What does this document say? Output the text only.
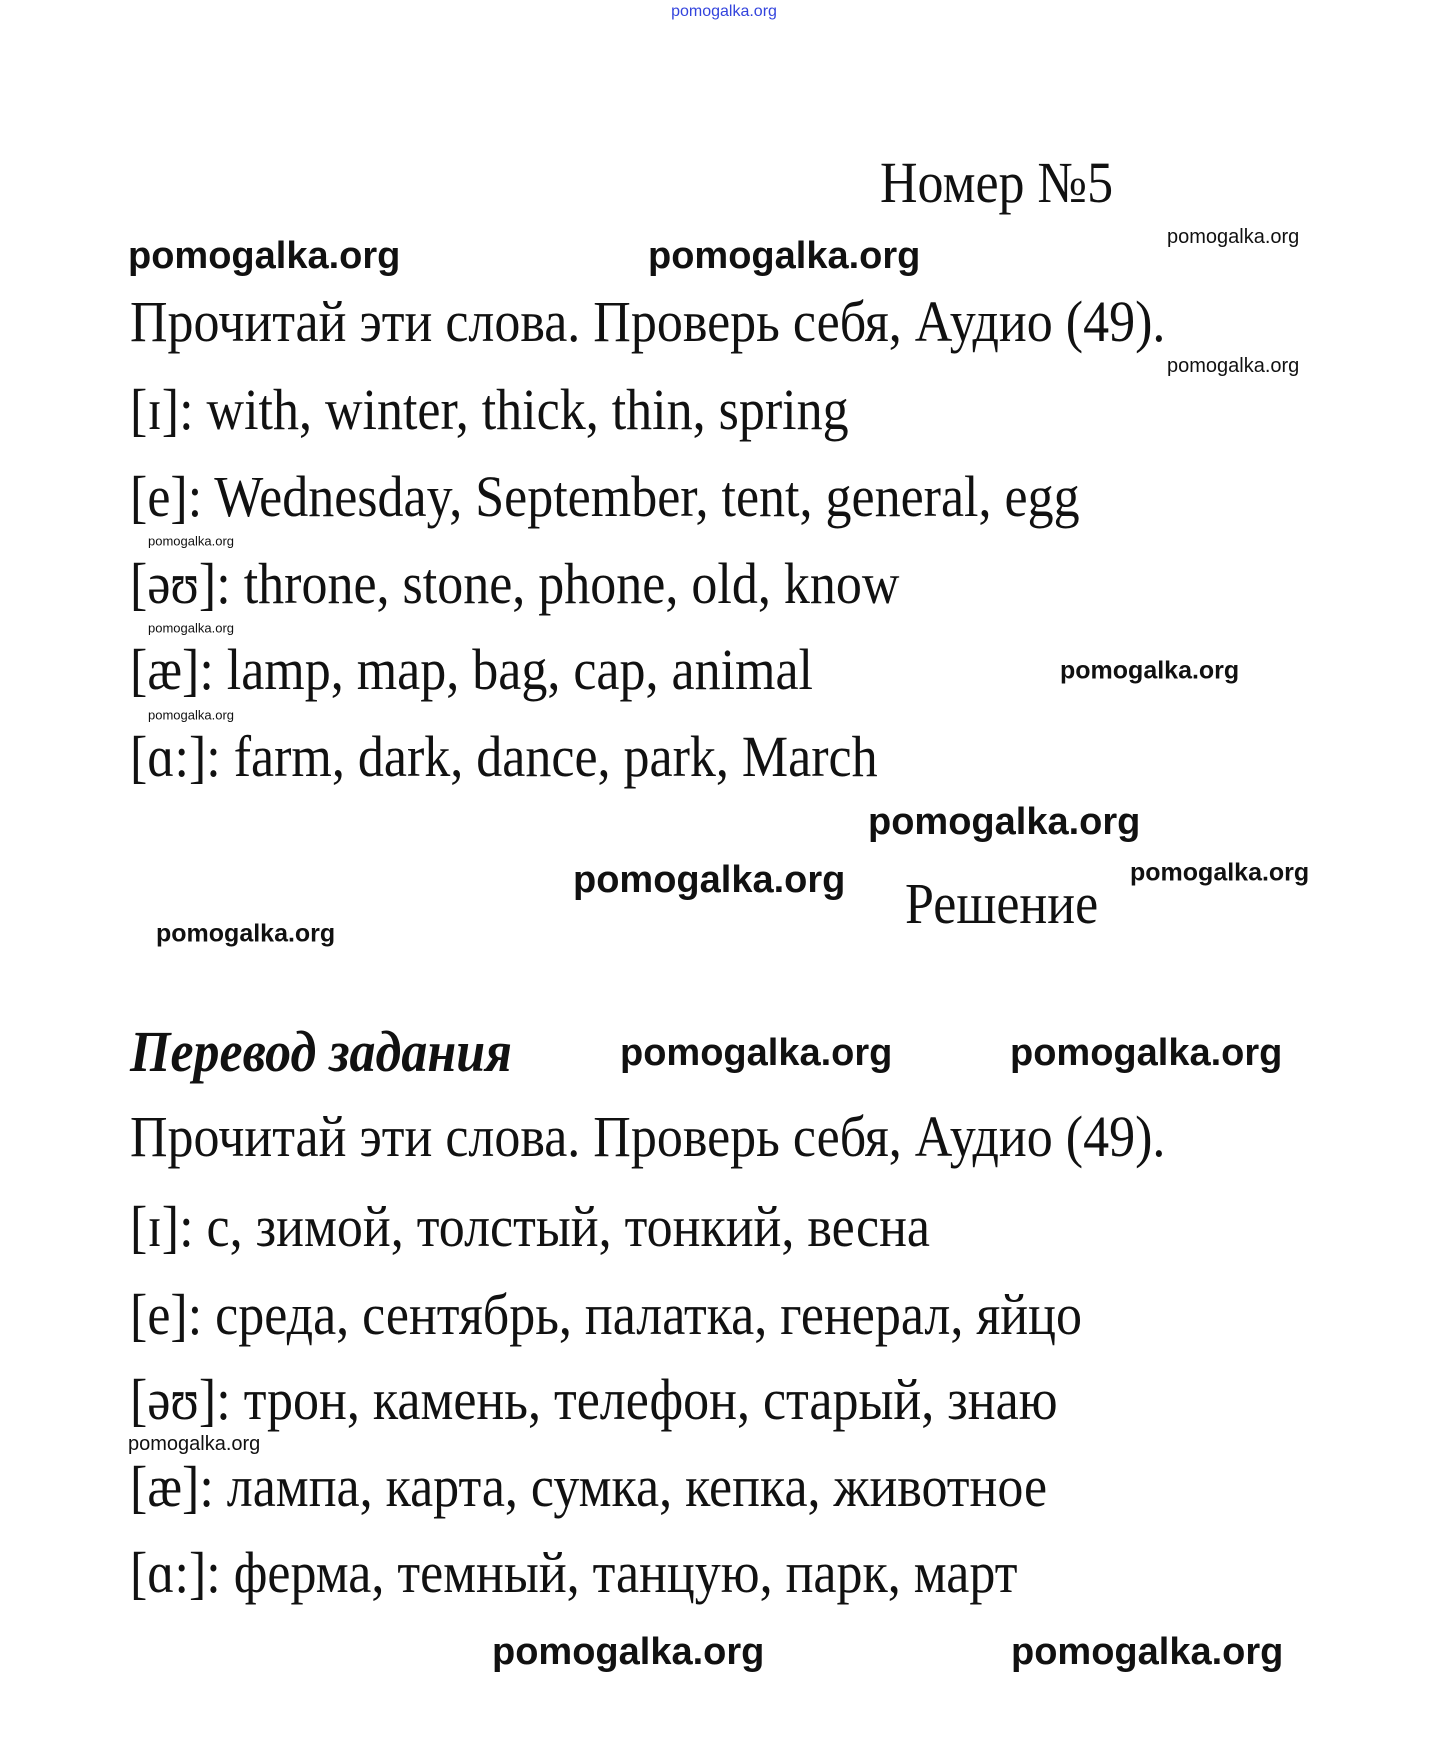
pomogalka.org
pomogalka.org
pomogalka.org	pomogalka.org
pomogalka.org
pomogalka.org
pomogalka.org
pomogalka.org
pomogalka.org
pomogalka.org
pomogalka.org	pomogalka.org
pomogalka.org
pomogalka.org	pomogalka.org
pomogalka.org
pomogalka.org	pomogalka.org
Номер №5
Прочитай эти слова. Проверь себя, Аудио (49).
[ɪ]: with, winter, thick, thin, spring
[e]: Wednesday, September, tent, general, egg
[əʊ]: throne, stone, phone, old, know
[æ]: lamp, map, bag, cap, animal
[ɑ:]: farm, dark, dance, park, March
Решение
Перевод задания
Прочитай эти слова. Проверь себя, Аудио (49).
[ɪ]: с, зимой, толстый, тонкий, весна
[e]: среда, сентябрь, палатка, генерал, яйцо
[əʊ]: трон, камень, телефон, старый, знаю
[æ]: лампа, карта, сумка, кепка, животное
[ɑ:]: ферма, темный, танцую, парк, март
